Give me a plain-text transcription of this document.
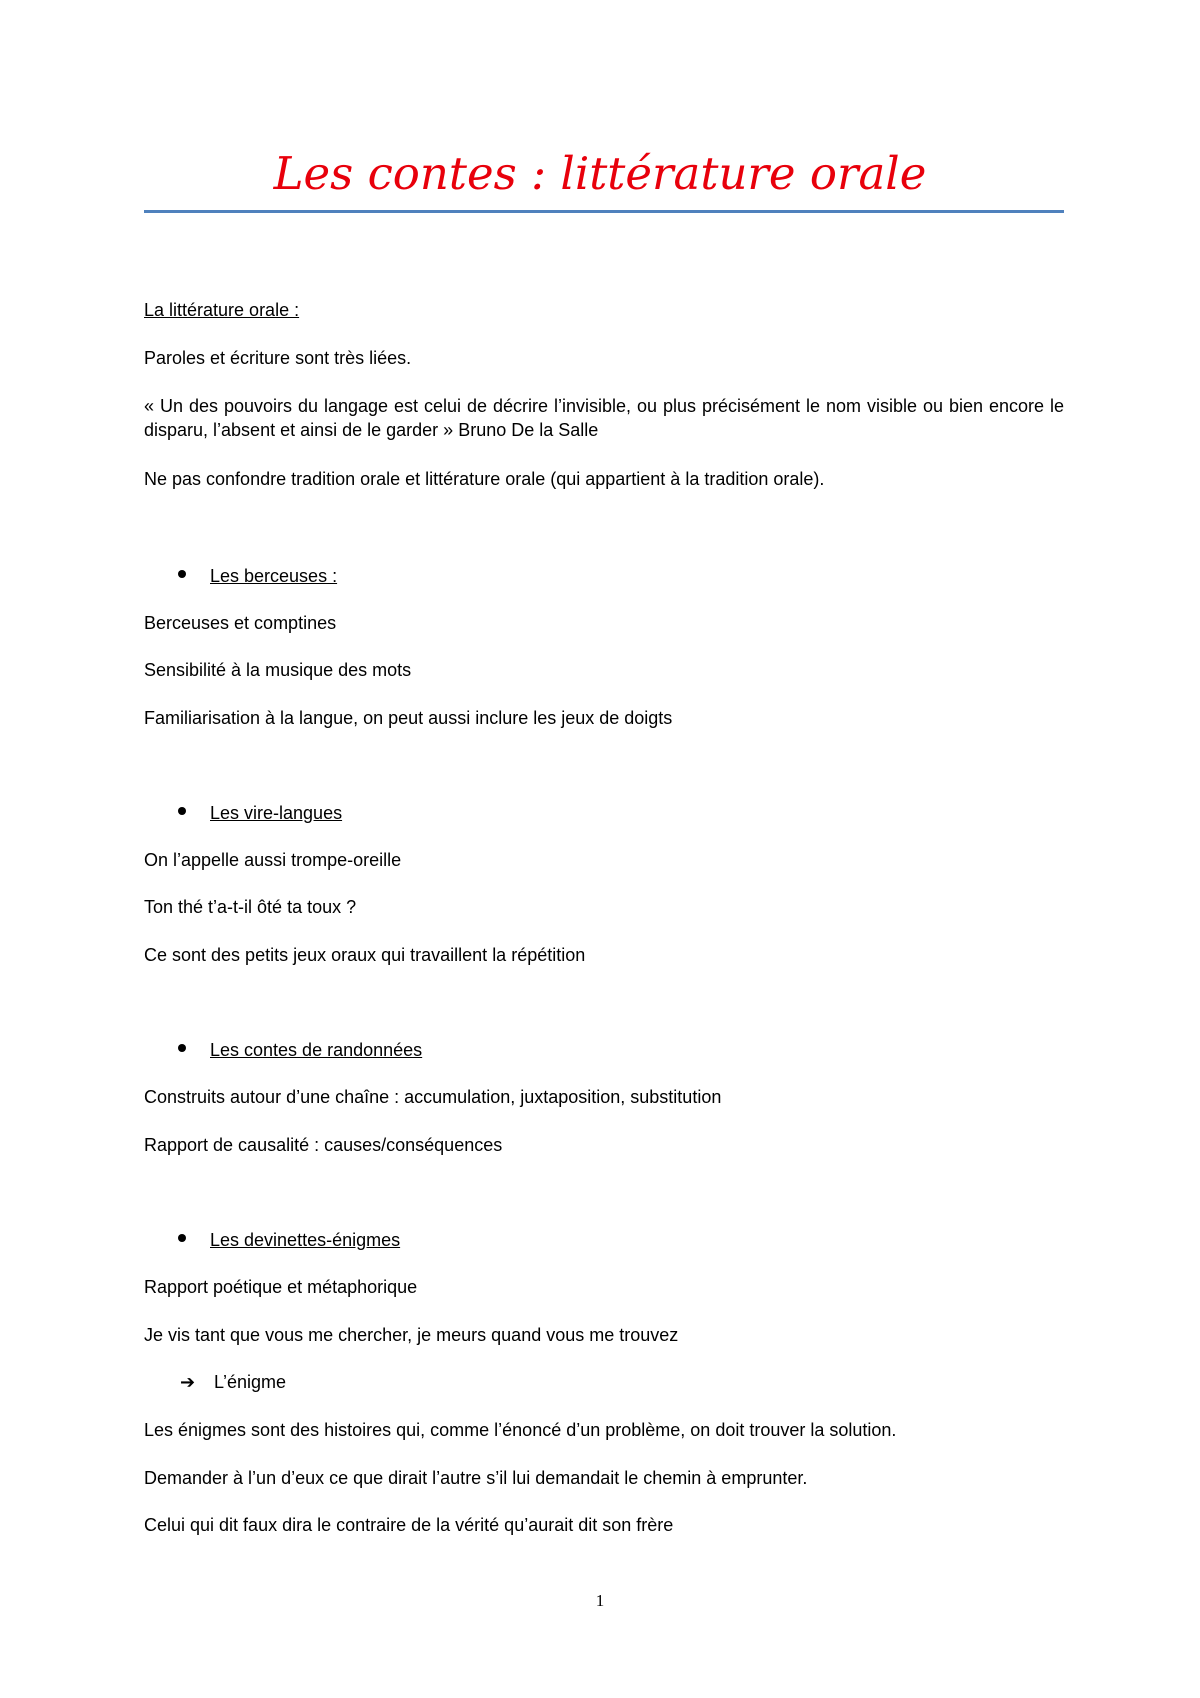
Les contes : littérature orale

La littérature orale :

Paroles et écriture sont très liées.

« Un des pouvoirs du langage est celui de décrire l’invisible, ou plus précisément le nom visible ou bien encore le disparu, l’absent et ainsi de le garder » Bruno De la Salle

Ne pas confondre tradition orale et littérature orale (qui appartient à la tradition orale).

Les berceuses :

Berceuses et comptines

Sensibilité à la musique des mots

Familiarisation à la langue, on peut aussi inclure les jeux de doigts

Les vire-langues

On l’appelle aussi trompe-oreille

Ton thé t’a-t-il ôté ta toux ?

Ce sont des petits jeux oraux qui travaillent la répétition

Les contes de randonnées

Construits autour d’une chaîne : accumulation, juxtaposition, substitution

Rapport de causalité : causes/conséquences

Les devinettes-énigmes

Rapport poétique et métaphorique

Je vis tant que vous me chercher, je meurs quand vous me trouvez

➔ L’énigme

Les énigmes sont des histoires qui, comme l’énoncé d’un problème, on doit trouver la solution.

Demander à l’un d’eux ce que dirait l’autre s’il lui demandait le chemin à emprunter.

Celui qui dit faux dira le contraire de la vérité qu’aurait dit son frère

1
